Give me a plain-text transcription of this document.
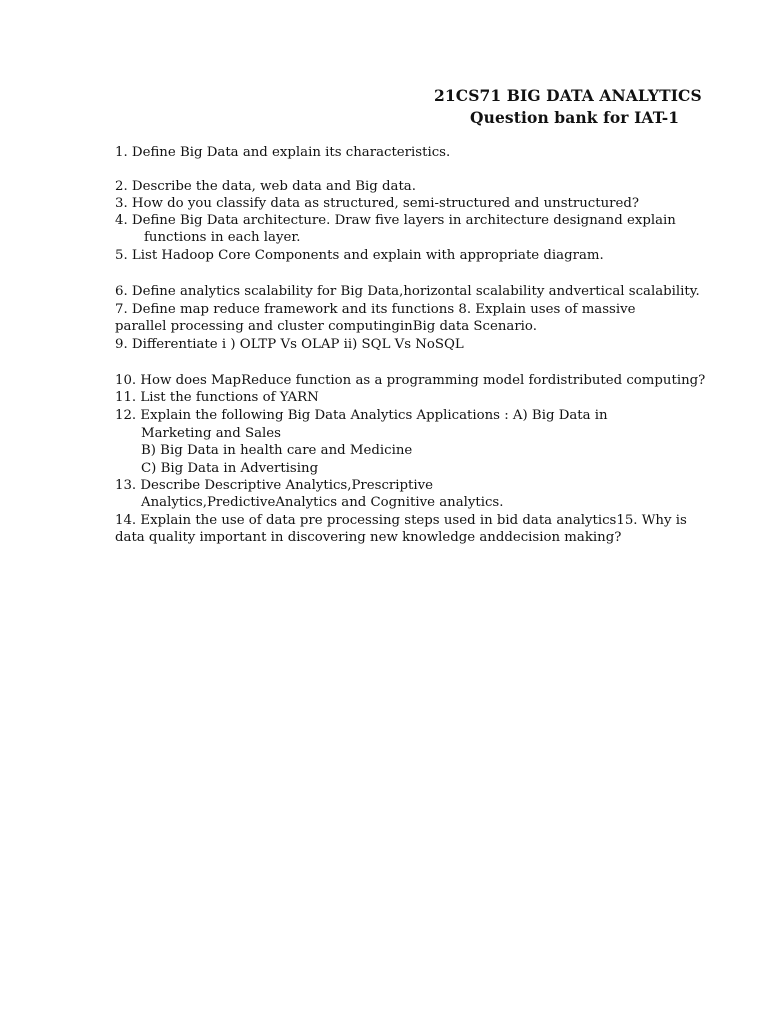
21CS71 BIG DATA ANALYTICS
Question bank for IAT-1
1. Define Big Data and explain its characteristics.
2. Describe the data, web data and Big data.
3. How do you classify data as structured, semi-structured and unstructured?
4. Define Big Data architecture. Draw five layers in architecture designand explain
functions in each layer.
5. List Hadoop Core Components and explain with appropriate diagram.
6. Define analytics scalability for Big Data,horizontal scalability andvertical scalability.
7. Define map reduce framework and its functions 8. Explain uses of massive
parallel processing and cluster computinginBig data Scenario.
9. Differentiate i ) OLTP Vs OLAP ii) SQL Vs NoSQL
10. How does MapReduce function as a programming model fordistributed computing?
11. List the functions of YARN
12. Explain the following Big Data Analytics Applications : A) Big Data in
Marketing and Sales
B) Big Data in health care and Medicine
C) Big Data in Advertising
13. Describe Descriptive Analytics,Prescriptive
Analytics,PredictiveAnalytics and Cognitive analytics.
14. Explain the use of data pre processing steps used in bid data analytics15. Why is
data quality important in discovering new knowledge anddecision making?
